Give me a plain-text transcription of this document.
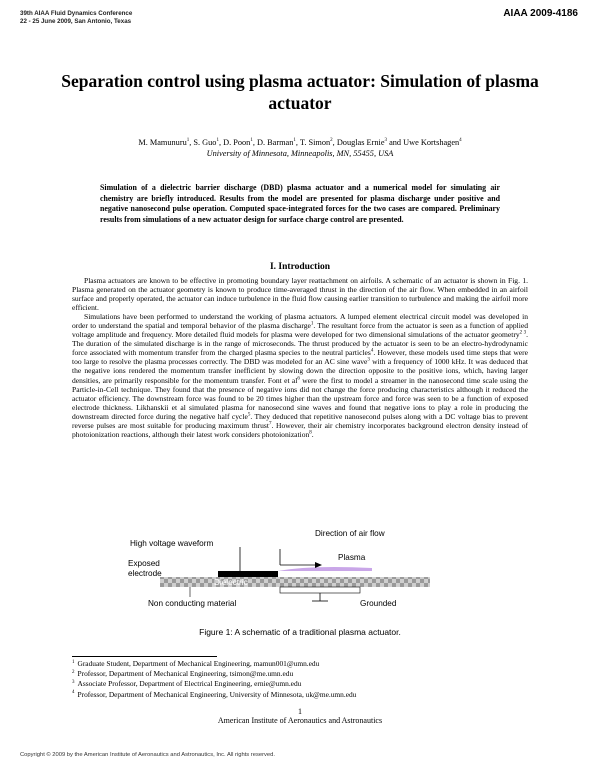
39th AIAA Fluid Dynamics Conference
22 - 25 June 2009, San Antonio, Texas
AIAA 2009-4186
Separation control using plasma actuator: Simulation of plasma actuator
M. Mamunuru$^1$, S. Guo$^1$, D. Poon$^1$, D. Barman$^1$, T. Simon$^2$, Douglas Ernie$^3$ and Uwe Kortshagen$^4$
University of Minnesota, Minneapolis, MN, 55455, USA
Simulation of a dielectric barrier discharge (DBD) plasma actuator and a numerical model for simulating air chemistry are briefly introduced. Results from the model are presented for plasma discharge under positive and negative nanosecond pulse operation. Computed space-integrated forces for the two cases are compared. Preliminary results from simulations of a new actuator design for surface charge control are presented.
I. Introduction

Plasma actuators are known to be effective in promoting boundary layer reattachment on airfoils. A schematic of an actuator is shown in Fig. 1. Plasma generated on the actuator geometry is known to produce time-averaged thrust in the direction of the air flow. When embedded in an airfoil surface and properly operated, the actuator can induce turbulence in the fluid flow causing earlier transition to turbulence and making the airfoil more efficient.

Simulations have been performed to understand the working of plasma actuators. A lumped element electrical circuit model was developed in order to understand the spatial and temporal behavior of the plasma discharge$^1$. The resultant force from the actuator is seen as a function of applied voltage amplitude and frequency. More detailed fluid models for plasma were developed for two dimensional simulations of the actuator geometry$^{2 3}$. The duration of the simulated discharge is in the range of microseconds. The thrust produced by the actuator is seen to be an electro-hydrodynamic force associated with momentum transfer from the charged plasma species to the neutral particles$^4$. However, these models used time steps that were too large to resolve the plasma processes correctly. The DBD was modeled for an AC sine wave$^3$ with a frequency of 1000 kHz. It was deduced that the negative ions rendered the momentum transfer inefficient by slowing down the direction opposite to the positive ions, which, having larger densities, are primarily responsible for the momentum transfer. Font et $al^6$ were the first to model a streamer in the nanosecond time scale using the Particle-in-Cell technique. They found that the presence of negative ions did not change the force producing characteristics although it reduced the actuator efficiency. The downstream force was found to be 20 times higher than the upstream force and force was seen to be a function of exposed electrode thickness. Likhanskii et al simulated plasma for nanosecond sine waves and found that negative ions to play a role in producing the downstream directed force during the negative half cycle$^5$. They deduced that repetitive nanosecond pulses along with a DC voltage bias to prevent reverse pulses are most suitable for producing maximum thrust$^7$. However, their air chemistry incorporates background electron density instead of photoionization reactions, although their latest work considers photoionization$^8$.

High voltage waveform
Direction of air flow
Plasma
Exposed
electrode
Dielectric
Non conducting material	Grounded
Figure 1: A schematic of a traditional plasma actuator.
$^1$ Graduate Student, Department of Mechanical Engineering, mamun001@umn.edu
$^2$ Professor, Department of Mechanical Engineering, tsimon@me.umn.edu
$^3$ Associate Professor, Department of Electrical Engineering, ernie@umn.edu
$^4$ Professor, Department of Mechanical Engineering, University of Minnesota, uk@me.umn.edu
1
American Institute of Aeronautics and Astronautics
Copyright © 2009 by the American Institute of Aeronautics and Astronautics, Inc. All rights reserved.
